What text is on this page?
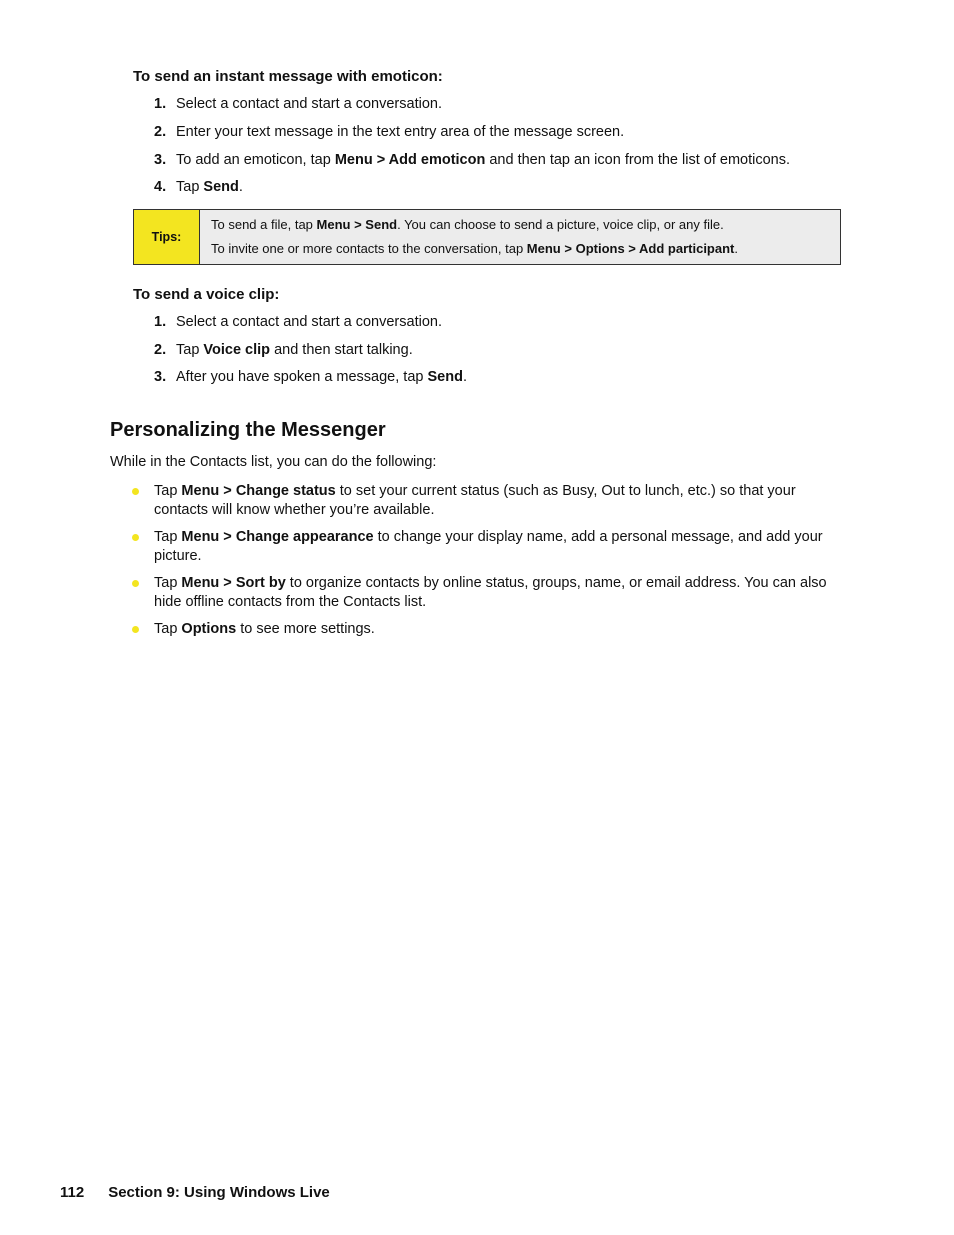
To send an instant message with emoticon:
1. Select a contact and start a conversation.
2. Enter your text message in the text entry area of the message screen.
3. To add an emoticon, tap Menu > Add emoticon and then tap an icon from the list of emoticons.
4. Tap Send.
Tips:
To send a file, tap Menu > Send. You can choose to send a picture, voice clip, or any file.
To invite one or more contacts to the conversation, tap Menu > Options > Add participant.
To send a voice clip:
1. Select a contact and start a conversation.
2. Tap Voice clip and then start talking.
3. After you have spoken a message, tap Send.
Personalizing the Messenger
While in the Contacts list, you can do the following:
Tap Menu > Change status to set your current status (such as Busy, Out to lunch, etc.) so that your contacts will know whether you’re available.
Tap Menu > Change appearance to change your display name, add a personal message, and add your picture.
Tap Menu > Sort by to organize contacts by online status, groups, name, or email address. You can also hide offline contacts from the Contacts list.
Tap Options to see more settings.
112 Section 9: Using Windows Live
